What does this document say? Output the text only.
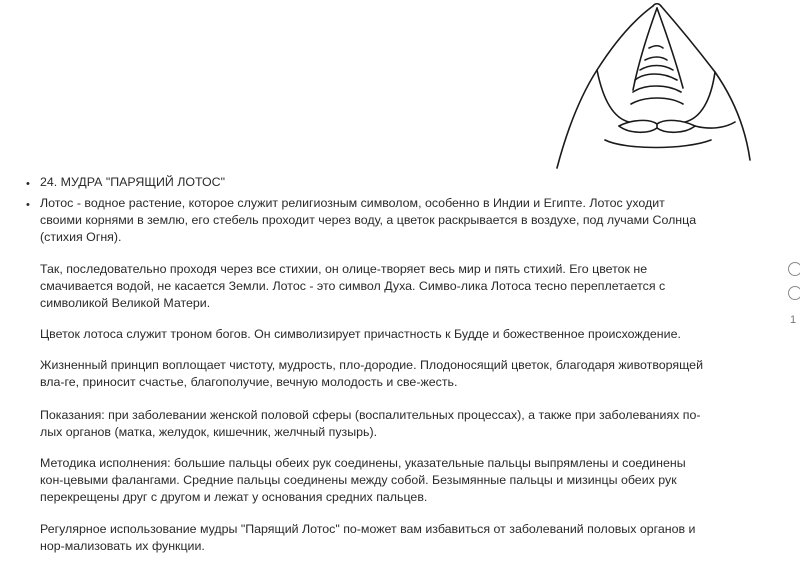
• 24. МУДРА "ПАРЯЩИЙ ЛОТОС"
• Лотос - водное растение, которое служит религиозным символом, особенно в Индии и Египте. Лотос уходит
своими корнями в землю, его стебель проходит через воду, а цветок раскрывается в воздухе, под лучами Солнца
(стихия Огня).
Так, последовательно проходя через все стихии, он олице-творяет весь мир и пять стихий. Его цветок не
смачивается водой, не касается Земли. Лотос - это символ Духа. Симво-лика Лотоса тесно переплетается с
символикой Великой Матери.
Цветок лотоса служит троном богов. Он символизирует причастность к Будде и божественное происхождение.
Жизненный принцип воплощает чистоту, мудрость, пло-дородие. Плодоносящий цветок, благодаря животворящей
вла-ге, приносит счастье, благополучие, вечную молодость и све-жесть.
Показания: при заболевании женской половой сферы (воспалительных процессах), а также при заболеваниях по-
лых органов (матка, желудок, кишечник, желчный пузырь).
Методика исполнения: большие пальцы обеих рук соединены, указательные пальцы выпрямлены и соединены
кон-цевыми фалангами. Средние пальцы соединены между собой. Безымянные пальцы и мизинцы обеих рук
перекрещены друг с другом и лежат у основания средних пальцев.
Регулярное использование мудры "Парящий Лотос" по-может вам избавиться от заболеваний половых органов и
нор-мализовать их функции.
1
